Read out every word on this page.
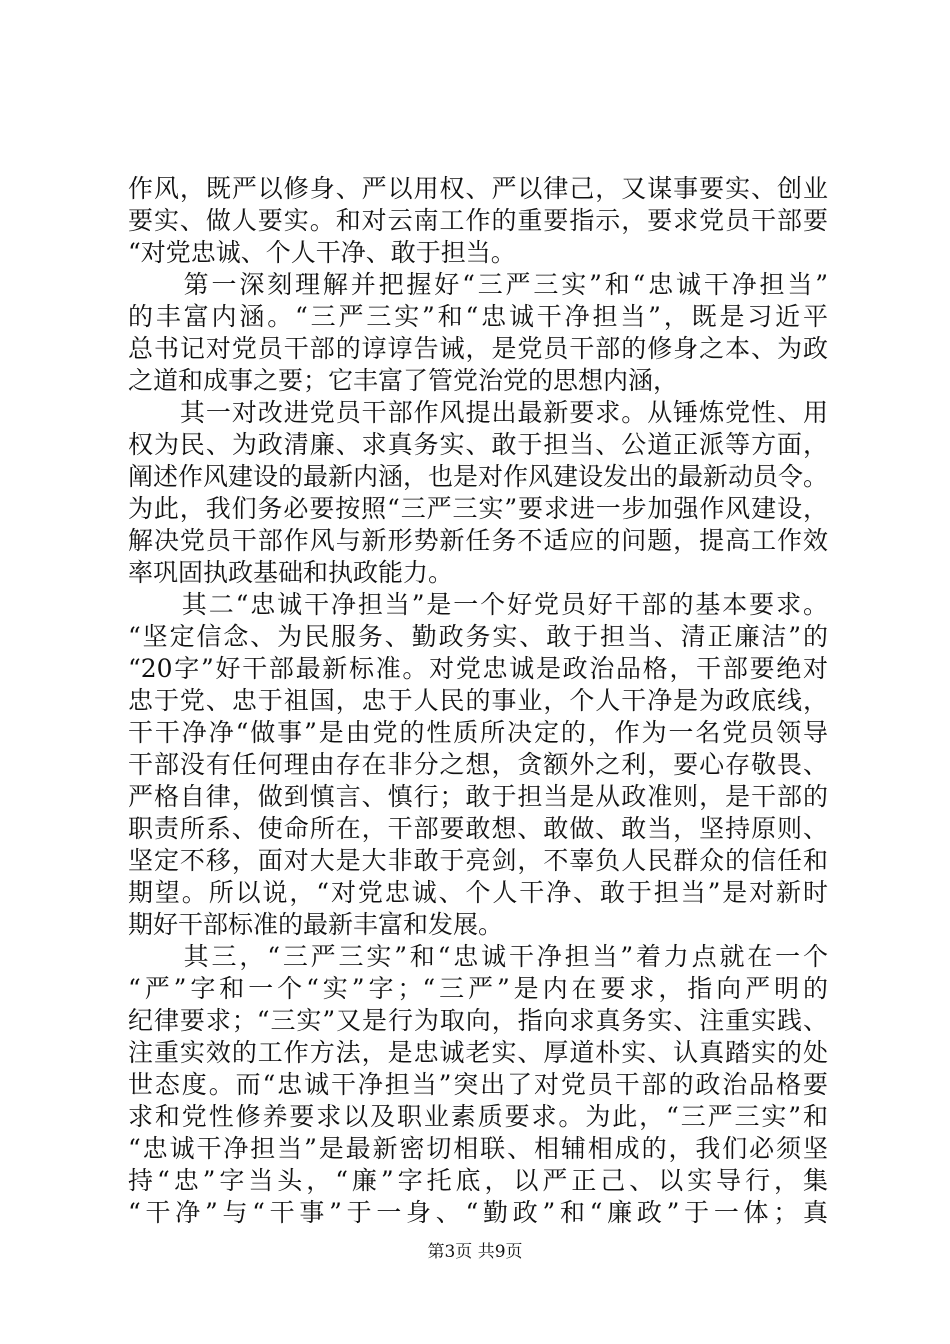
作风，既严以修身、严以用权、严以律己，又谋事要实、创业
要实、做人要实。和对云南工作的重要指示，要求党员干部要
“对党忠诚、个人干净、敢于担当。
　　第一深刻理解并把握好“三严三实”和“忠诚干净担当”
的丰富内涵。“三严三实”和“忠诚干净担当”，既是习近平
总书记对党员干部的谆谆告诫，是党员干部的修身之本、为政
之道和成事之要；它丰富了管党治党的思想内涵，
　　其一对改进党员干部作风提出最新要求。从锤炼党性、用
权为民、为政清廉、求真务实、敢于担当、公道正派等方面，
阐述作风建设的最新内涵，也是对作风建设发出的最新动员令。
为此，我们务必要按照“三严三实”要求进一步加强作风建设，
解决党员干部作风与新形势新任务不适应的问题，提高工作效
率巩固执政基础和执政能力。
　　其二“忠诚干净担当”是一个好党员好干部的基本要求。
“坚定信念、为民服务、勤政务实、敢于担当、清正廉洁”的
“20字”好干部最新标准。对党忠诚是政治品格，干部要绝对
忠于党、忠于祖国，忠于人民的事业，个人干净是为政底线，
干干净净“做事”是由党的性质所决定的，作为一名党员领导
干部没有任何理由存在非分之想，贪额外之利，要心存敬畏、
严格自律，做到慎言、慎行；敢于担当是从政准则，是干部的
职责所系、使命所在，干部要敢想、敢做、敢当，坚持原则、
坚定不移，面对大是大非敢于亮剑，不辜负人民群众的信任和
期望。所以说，“对党忠诚、个人干净、敢于担当”是对新时
期好干部标准的最新丰富和发展。
　　其三，“三严三实”和“忠诚干净担当”着力点就在一个
“严”字和一个“实”字；“三严”是内在要求，指向严明的
纪律要求；“三实”又是行为取向，指向求真务实、注重实践、
注重实效的工作方法，是忠诚老实、厚道朴实、认真踏实的处
世态度。而“忠诚干净担当”突出了对党员干部的政治品格要
求和党性修养要求以及职业素质要求。为此，“三严三实”和
“忠诚干净担当”是最新密切相联、相辅相成的，我们必须坚
持“忠”字当头，“廉”字托底，以严正己、以实导行，集
“干净”与“干事”于一身、“勤政”和“廉政”于一体；真
第3页 共9页
